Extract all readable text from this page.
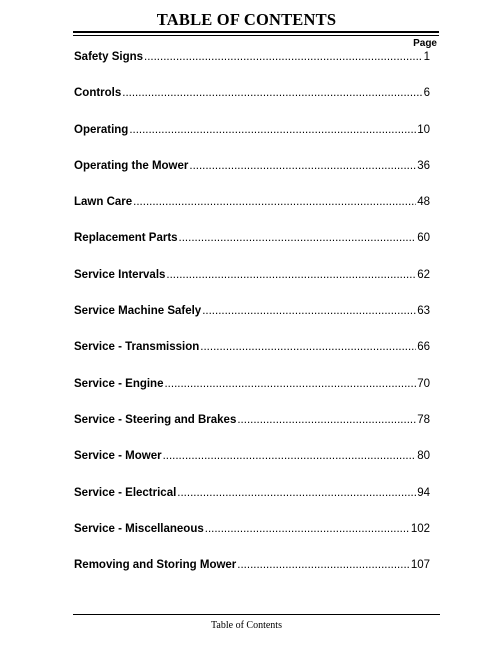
TABLE OF CONTENTS
Page
Safety Signs .....	1
Controls .....	6
Operating .....	10
Operating the Mower .....	36
Lawn Care .....	48
Replacement Parts .....	60
Service Intervals .....	62
Service Machine Safely .....	63
Service - Transmission .....	66
Service - Engine .....	70
Service - Steering and Brakes .....	78
Service - Mower .....	80
Service - Electrical .....	94
Service - Miscellaneous .....	102
Removing and Storing Mower .....	107
Table of Contents
